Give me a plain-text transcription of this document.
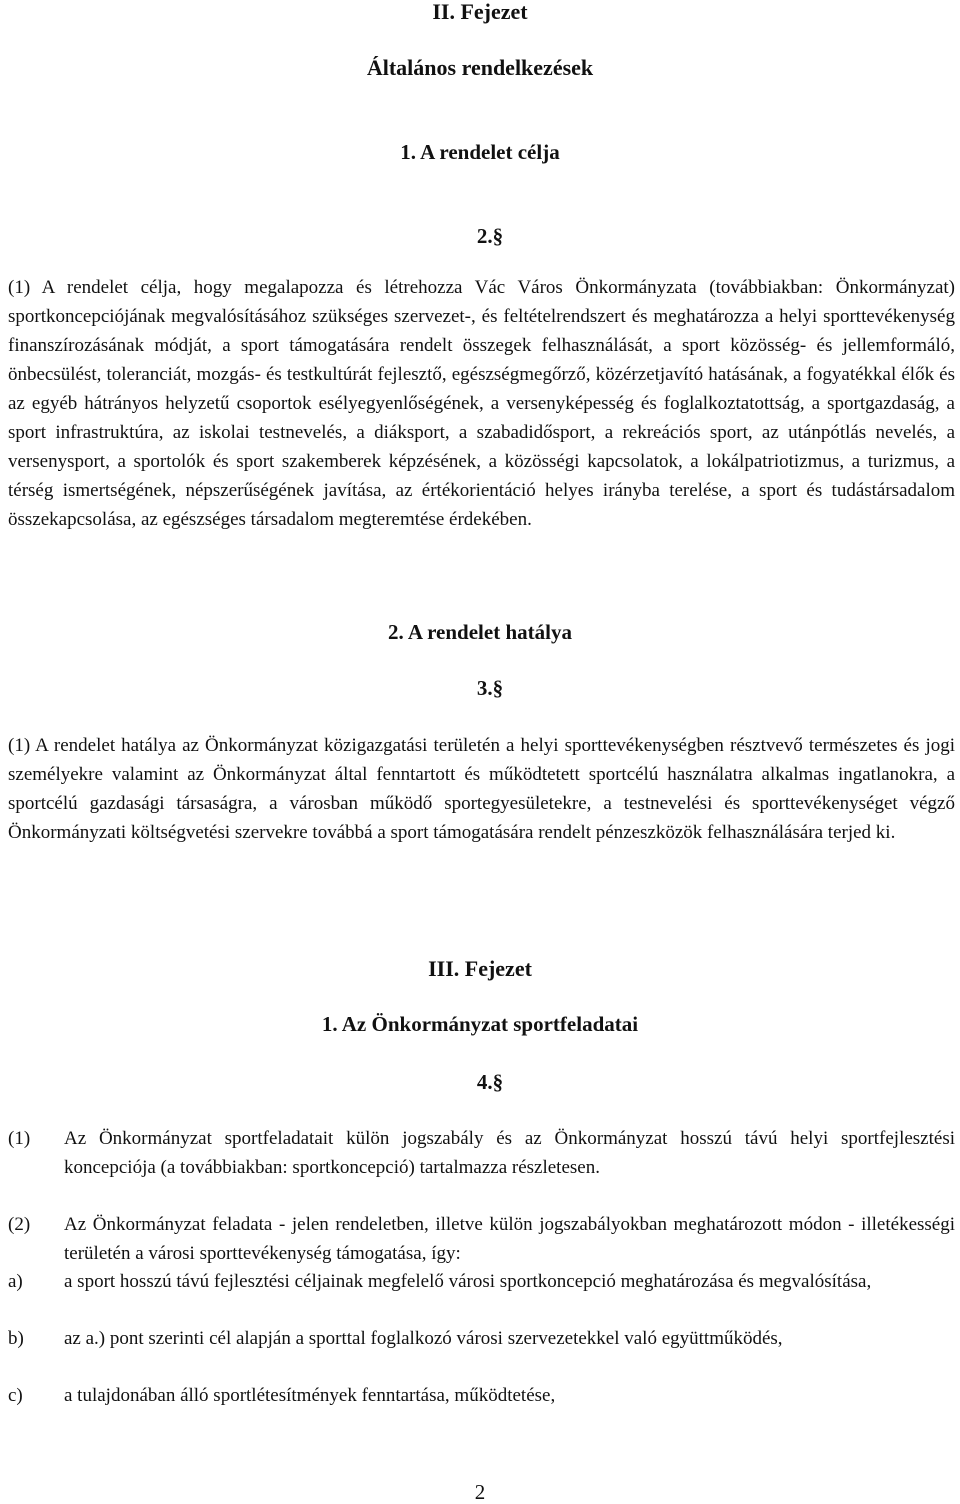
II. Fejezet
Általános rendelkezések
1. A rendelet célja
2.§

(1) A rendelet célja, hogy megalapozza és létrehozza Vác Város Önkormányzata (továbbiakban: Önkormányzat) sportkoncepciójának megvalósításához szükséges szervezet-, és feltételrendszert és meghatározza a helyi sporttevékenység finanszírozásának módját, a sport támogatására rendelt összegek felhasználását, a sport közösség- és jellemformáló, önbecsülést, toleranciát, mozgás- és testkultúrát fejlesztő, egészségmegőrző, közérzetjavító hatásának, a fogyatékkal élők és az egyéb hátrányos helyzetű csoportok esélyegyenlőségének, a versenyképesség és foglalkoztatottság, a sportgazdaság, a sport infrastruktúra, az iskolai testnevelés, a diáksport, a szabadidősport, a rekreációs sport, az utánpótlás nevelés, a versenysport, a sportolók és sport szakemberek képzésének, a közösségi kapcsolatok, a lokálpatriotizmus, a turizmus, a térség ismertségének, népszerűségének javítása, az értékorientáció helyes irányba terelése, a sport és tudástársadalom összekapcsolása, az egészséges társadalom megteremtése érdekében.

2. A rendelet hatálya
3.§

(1) A rendelet hatálya az Önkormányzat közigazgatási területén a helyi sporttevékenységben résztvevő természetes és jogi személyekre valamint az Önkormányzat által fenntartott és működtetett sportcélú használatra alkalmas ingatlanokra, a sportcélú gazdasági társaságra, a városban működő sportegyesületekre, a testnevelési és sporttevékenységet végző Önkormányzati költségvetési szervekre továbbá a sport támogatására rendelt pénzeszközök felhasználására terjed ki.

III. Fejezet
1. Az Önkormányzat sportfeladatai
4.§
(1) Az Önkormányzat sportfeladatait külön jogszabály és az Önkormányzat hosszú távú helyi sportfejlesztési koncepciója (a továbbiakban: sportkoncepció) tartalmazza részletesen.
(2) Az Önkormányzat feladata - jelen rendeletben, illetve külön jogszabályokban meghatározott módon - illetékességi területén a városi sporttevékenység támogatása, így:
a) a sport hosszú távú fejlesztési céljainak megfelelő városi sportkoncepció meghatározása és megvalósítása,
b) az a.) pont szerinti cél alapján a sporttal foglalkozó városi szervezetekkel való együttműködés,
c) a tulajdonában álló sportlétesítmények fenntartása, működtetése,
2
